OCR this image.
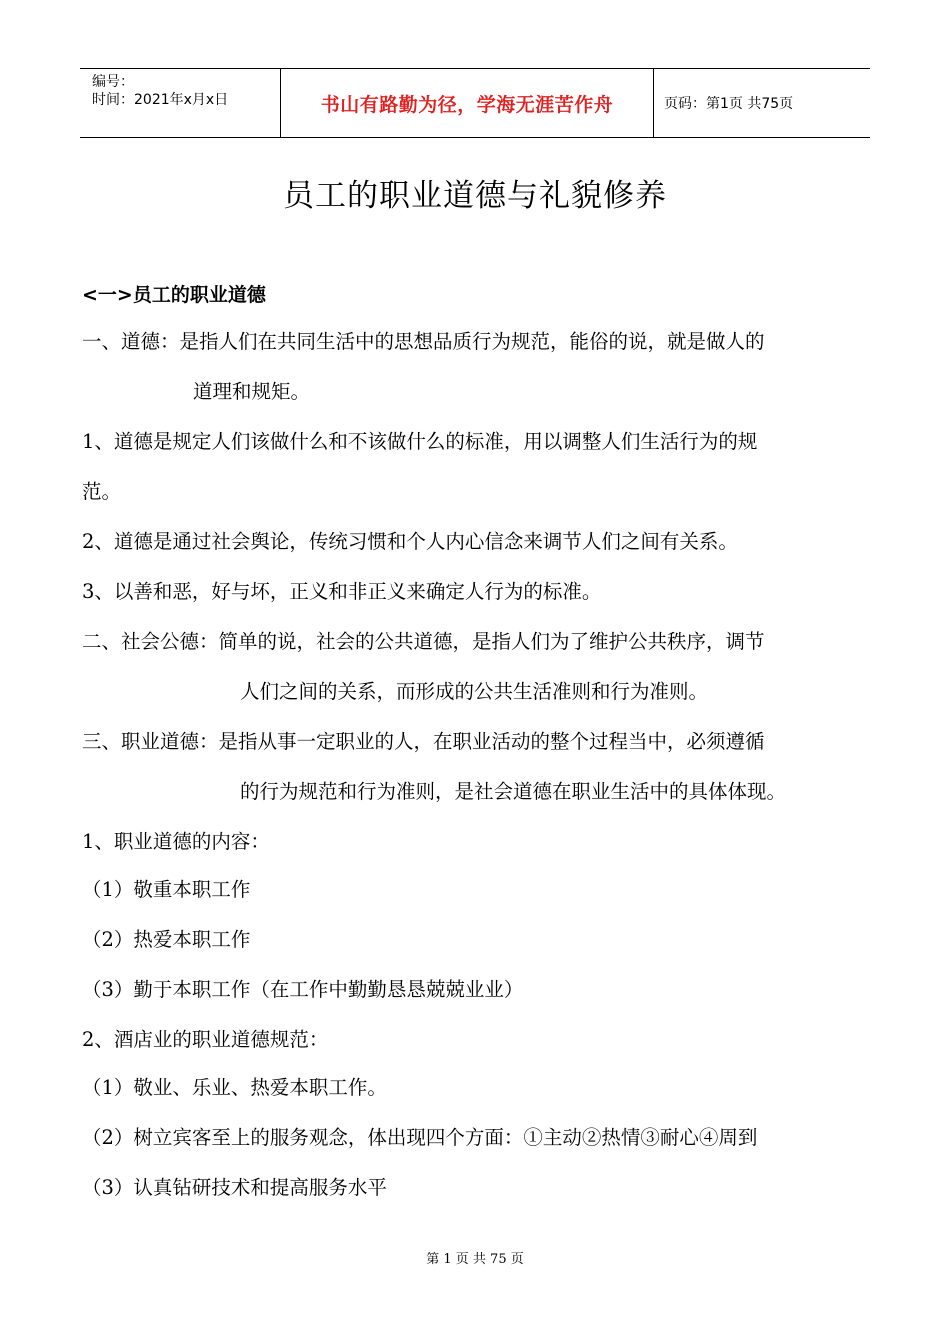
编号：
时间：2021年x月x日	书山有路勤为径，学海无涯苦作舟	页码：第1页 共75页
员工的职业道德与礼貌修养
<一>员工的职业道德
一、道德：是指人们在共同生活中的思想品质行为规范，能俗的说，就是做人的
道理和规矩。
1、道德是规定人们该做什么和不该做什么的标准，用以调整人们生活行为的规
范。
2、道德是通过社会舆论，传统习惯和个人内心信念来调节人们之间有关系。
3、以善和恶，好与坏，正义和非正义来确定人行为的标准。
二、社会公德：简单的说，社会的公共道德，是指人们为了维护公共秩序，调节
人们之间的关系，而形成的公共生活准则和行为准则。
三、职业道德：是指从事一定职业的人，在职业活动的整个过程当中，必须遵循
的行为规范和行为准则，是社会道德在职业生活中的具体体现。
1、职业道德的内容：
（1）敬重本职工作
（2）热爱本职工作
（3）勤于本职工作（在工作中勤勤恳恳兢兢业业）
2、酒店业的职业道德规范：
（1）敬业、乐业、热爱本职工作。
（2）树立宾客至上的服务观念，体出现四个方面：①主动②热情③耐心④周到
（3）认真钻研技术和提高服务水平
第 1 页 共 75 页
